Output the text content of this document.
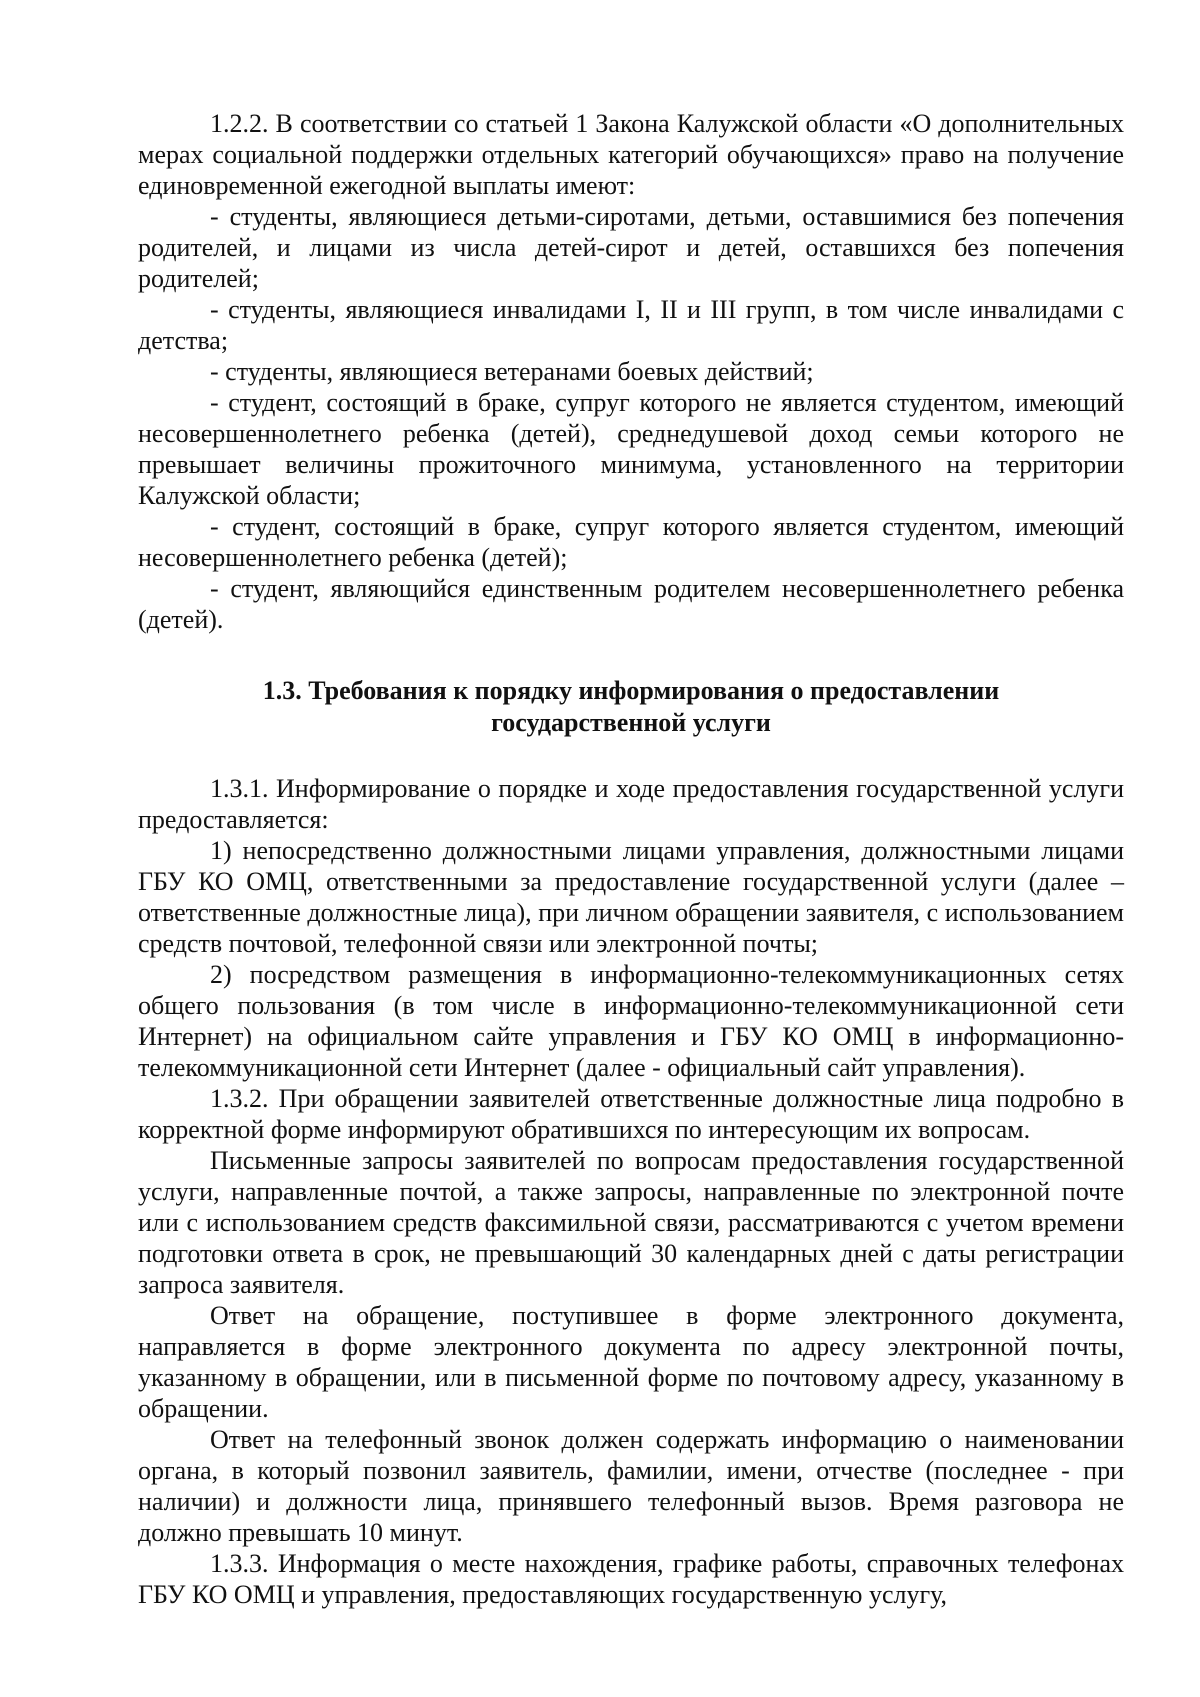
1.2.2. В соответствии со статьей 1 Закона Калужской области «О дополнительных мерах социальной поддержки отдельных категорий обучающихся» право на получение единовременной ежегодной выплаты имеют:

- студенты, являющиеся детьми-сиротами, детьми, оставшимися без попечения родителей, и лицами из числа детей-сирот и детей, оставшихся без попечения родителей;

- студенты, являющиеся инвалидами I, II и III групп, в том числе инвалидами с детства;

- студенты, являющиеся ветеранами боевых действий;

- студент, состоящий в браке, супруг которого не является студентом, имеющий несовершеннолетнего ребенка (детей), среднедушевой доход семьи которого не превышает величины прожиточного минимума, установленного на территории Калужской области;

- студент, состоящий в браке, супруг которого является студентом, имеющий несовершеннолетнего ребенка (детей);

- студент, являющийся единственным родителем несовершеннолетнего ребенка (детей).

1.3. Требования к порядку информирования о предоставлении
государственной услуги

1.3.1. Информирование о порядке и ходе предоставления государственной услуги предоставляется:

1) непосредственно должностными лицами управления, должностными лицами ГБУ КО ОМЦ, ответственными за предоставление государственной услуги (далее – ответственные должностные лица), при личном обращении заявителя, с использованием средств почтовой, телефонной связи или электронной почты;

2) посредством размещения в информационно-телекоммуникационных сетях общего пользования (в том числе в информационно-телекоммуникационной сети Интернет) на официальном сайте управления и ГБУ КО ОМЦ в информационно-телекоммуникационной сети Интернет (далее - официальный сайт управления).

1.3.2. При обращении заявителей ответственные должностные лица подробно в корректной форме информируют обратившихся по интересующим их вопросам.

Письменные запросы заявителей по вопросам предоставления государственной услуги, направленные почтой, а также запросы, направленные по электронной почте или с использованием средств факсимильной связи, рассматриваются с учетом времени подготовки ответа в срок, не превышающий 30 календарных дней с даты регистрации запроса заявителя.

Ответ на обращение, поступившее в форме электронного документа, направляется в форме электронного документа по адресу электронной почты, указанному в обращении, или в письменной форме по почтовому адресу, указанному в обращении.

Ответ на телефонный звонок должен содержать информацию о наименовании органа, в который позвонил заявитель, фамилии, имени, отчестве (последнее - при наличии) и должности лица, принявшего телефонный вызов. Время разговора не должно превышать 10 минут.

1.3.3. Информация о месте нахождения, графике работы, справочных телефонах ГБУ КО ОМЦ и управления, предоставляющих государственную услугу,
